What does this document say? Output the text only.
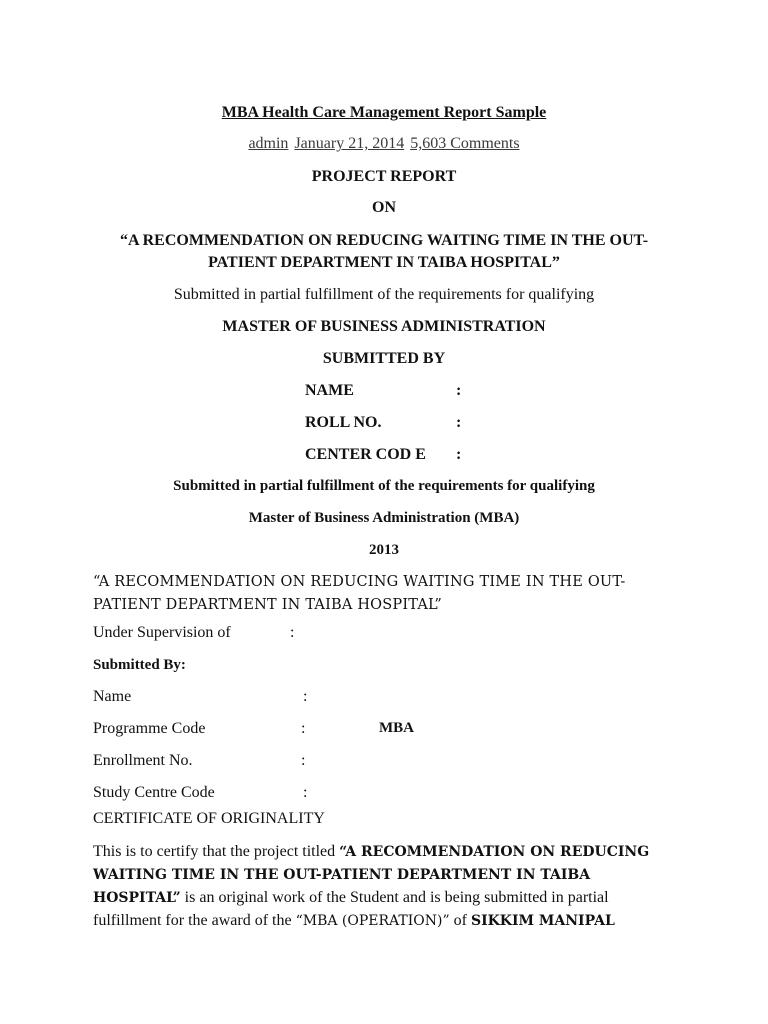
MBA Health Care Management Report Sample
admin January 21, 2014 5,603 Comments
PROJECT REPORT
ON
“A RECOMMENDATION ON REDUCING WAITING TIME IN THE OUT-
PATIENT DEPARTMENT IN TAIBA HOSPITAL”
Submitted in partial fulfillment of the requirements for qualifying
MASTER OF BUSINESS ADMINISTRATION
SUBMITTED BY
NAME	:
ROLL NO.	:
CENTER COD E :
Submitted in partial fulfillment of the requirements for qualifying
Master of Business Administration (MBA)
2013
“A RECOMMENDATION ON REDUCING WAITING TIME IN THE OUT-
PATIENT DEPARTMENT IN TAIBA HOSPITAL”
Under Supervision of	:
Submitted By:
Name	:
Programme Code	:	MBA
Enrollment No.	:
Study Centre Code	:
CERTIFICATE OF ORIGINALITY
This is to certify that the project titled “A RECOMMENDATION ON REDUCING
WAITING TIME IN THE OUT-PATIENT DEPARTMENT IN TAIBA
HOSPITAL” is an original work of the Student and is being submitted in partial
fulfillment for the award of the “MBA (OPERATION)” of SIKKIM MANIPAL
